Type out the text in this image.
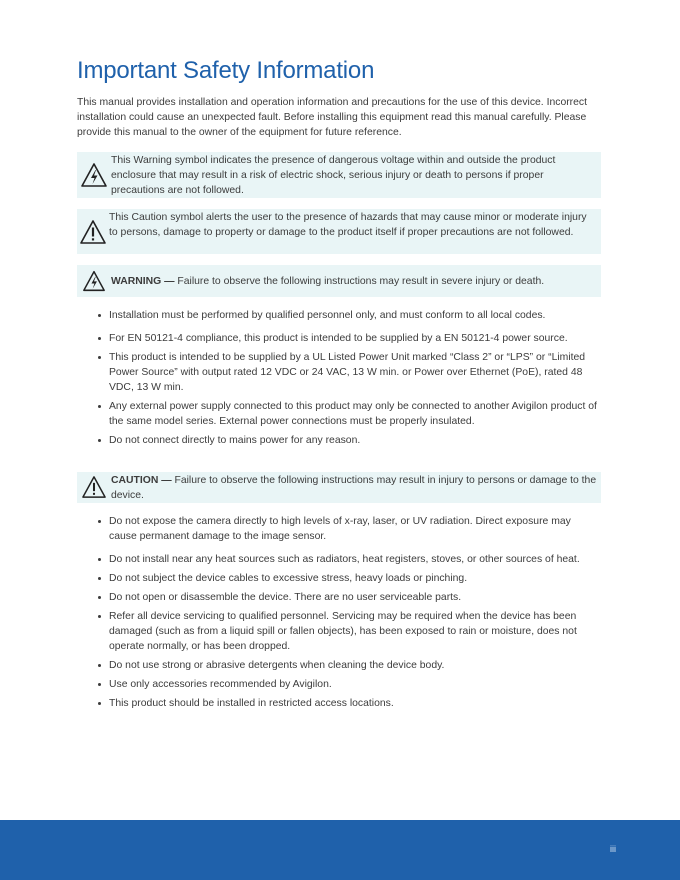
Important Safety Information

This manual provides installation and operation information and precautions for the use of this device. Incorrect installation could cause an unexpected fault. Before installing this equipment read this manual carefully. Please provide this manual to the owner of the equipment for future reference.

This Warning symbol indicates the presence of dangerous voltage within and outside the product enclosure that may result in a risk of electric shock, serious injury or death to persons if proper precautions are not followed.
This Caution symbol alerts the user to the presence of hazards that may cause minor or moderate injury to persons, damage to property or damage to the product itself if proper precautions are not followed.
WARNING — Failure to observe the following instructions may result in severe injury or death.
Installation must be performed by qualified personnel only, and must conform to all local codes.
For EN 50121-4 compliance, this product is intended to be supplied by a EN 50121-4 power source.
This product is intended to be supplied by a UL Listed Power Unit marked “Class 2” or “LPS” or “Limited Power Source” with output rated 12 VDC or 24 VAC, 13 W min. or Power over Ethernet (PoE), rated 48 VDC, 13 W min.
Any external power supply connected to this product may only be connected to another Avigilon product of the same model series. External power connections must be properly insulated.
Do not connect directly to mains power for any reason.
CAUTION — Failure to observe the following instructions may result in injury to persons or damage to the device.
Do not expose the camera directly to high levels of x-ray, laser, or UV radiation. Direct exposure may cause permanent damage to the image sensor.
Do not install near any heat sources such as radiators, heat registers, stoves, or other sources of heat.
Do not subject the device cables to excessive stress, heavy loads or pinching.
Do not open or disassemble the device. There are no user serviceable parts.
Refer all device servicing to qualified personnel. Servicing may be required when the device has been damaged (such as from a liquid spill or fallen objects), has been exposed to rain or moisture, does not operate normally, or has been dropped.
Do not use strong or abrasive detergents when cleaning the device body.
Use only accessories recommended by Avigilon.
This product should be installed in restricted access locations.
iii
